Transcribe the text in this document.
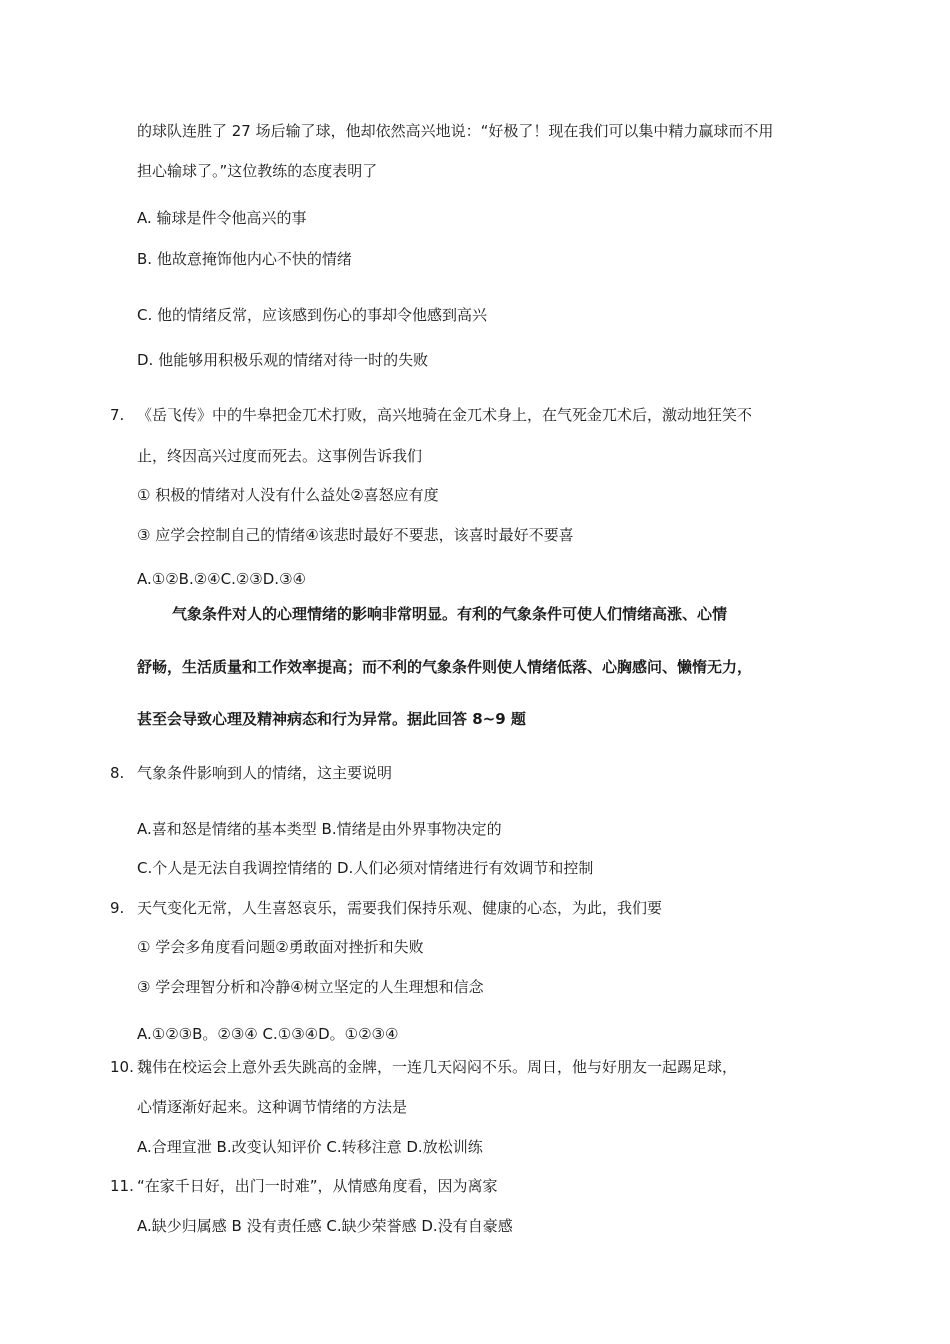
的球队连胜了 27 场后输了球，他却依然高兴地说：“好极了！现在我们可以集中精力赢球而不用
担心输球了。”这位教练的态度表明了
A. 输球是件令他高兴的事
B. 他故意掩饰他内心不快的情绪
C. 他的情绪反常，应该感到伤心的事却令他感到高兴
D. 他能够用积极乐观的情绪对待一时的失败
7. 《岳飞传》中的牛皋把金兀术打败，高兴地骑在金兀术身上，在气死金兀术后，激动地狂笑不
止，终因高兴过度而死去。这事例告诉我们
① 积极的情绪对人没有什么益处②喜怒应有度
③ 应学会控制自己的情绪④该悲时最好不要悲，该喜时最好不要喜
A.①②B.②④C.②③D.③④
气象条件对人的心理情绪的影响非常明显。有利的气象条件可使人们情绪高涨、心情
舒畅，生活质量和工作效率提高；而不利的气象条件则使人情绪低落、心胸感问、懒惰无力，
甚至会导致心理及精神病态和行为异常。据此回答 8~9 题
8. 气象条件影响到人的情绪，这主要说明
A.喜和怒是情绪的基本类型 B.情绪是由外界事物决定的
C.个人是无法自我调控情绪的 D.人们必须对情绪进行有效调节和控制
9. 天气变化无常，人生喜怒哀乐，需要我们保持乐观、健康的心态，为此，我们要
① 学会多角度看问题②勇敢面对挫折和失败
③ 学会理智分析和冷静④树立坚定的人生理想和信念
A.①②③B。②③④ C.①③④D。①②③④
10. 魏伟在校运会上意外丢失跳高的金牌，一连几天闷闷不乐。周日，他与好朋友一起踢足球，
心情逐渐好起来。这种调节情绪的方法是
A.合理宣泄 B.改变认知评价 C.转移注意 D.放松训练
11. “在家千日好，出门一时难”，从情感角度看，因为离家
A.缺少归属感 B 没有责任感 C.缺少荣誉感 D.没有自豪感
